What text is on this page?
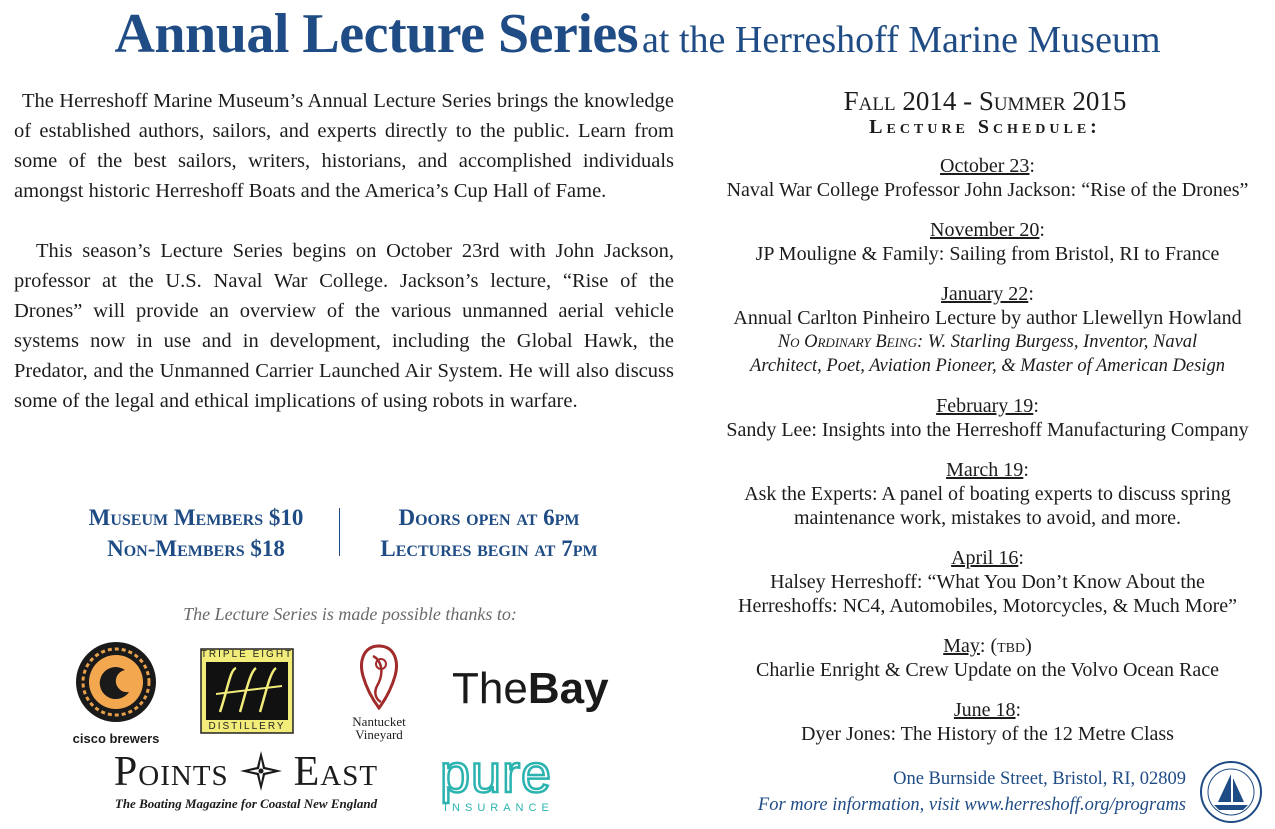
Annual Lecture Series at the Herreshoff Marine Museum

The Herreshoff Marine Museum’s Annual Lecture Series brings the knowledge of established authors, sailors, and experts directly to the public. Learn from some of the best sailors, writers, historians, and accomplished individuals amongst historic Herreshoff Boats and the America’s Cup Hall of Fame.

This season’s Lecture Series begins on October 23rd with John Jackson, professor at the U.S. Naval War College. Jackson’s lecture, “Rise of the Drones” will provide an overview of the various unmanned aerial vehicle systems now in use and in development, including the Global Hawk, the Predator, and the Unmanned Carrier Launched Air System. He will also discuss some of the legal and ethical implications of using robots in warfare.

Museum Members $10
Non-Members $18
Doors open at 6pm
Lectures begin at 7pm
The Lecture Series is made possible thanks to:
cisco brewers
TRIPLE EIGHT
DISTILLERY	Nantucket
Vineyard
TheBay
Points East
The Boating Magazine for Coastal New England pure
INSURANCE
Fall 2014 - Summer 2015
Lecture Schedule:
October 23:
Naval War College Professor John Jackson: “Rise of the Drones”
November 20:
JP Mouligne & Family: Sailing from Bristol, RI to France
January 22:
Annual Carlton Pinheiro Lecture by author Llewellyn Howland
No Ordinary Being: W. Starling Burgess, Inventor, Naval
Architect, Poet, Aviation Pioneer, & Master of American Design
February 19:
Sandy Lee: Insights into the Herreshoff Manufacturing Company
March 19:
Ask the Experts: A panel of boating experts to discuss spring
maintenance work, mistakes to avoid, and more.
April 16:
Halsey Herreshoff: “What You Don’t Know About the
Herreshoffs: NC4, Automobiles, Motorcycles, & Much More”
May: (tbd)
Charlie Enright & Crew Update on the Volvo Ocean Race
June 18:
Dyer Jones: The History of the 12 Metre Class
One Burnside Street, Bristol, RI, 02809
For more information, visit www.herreshoff.org/programs
